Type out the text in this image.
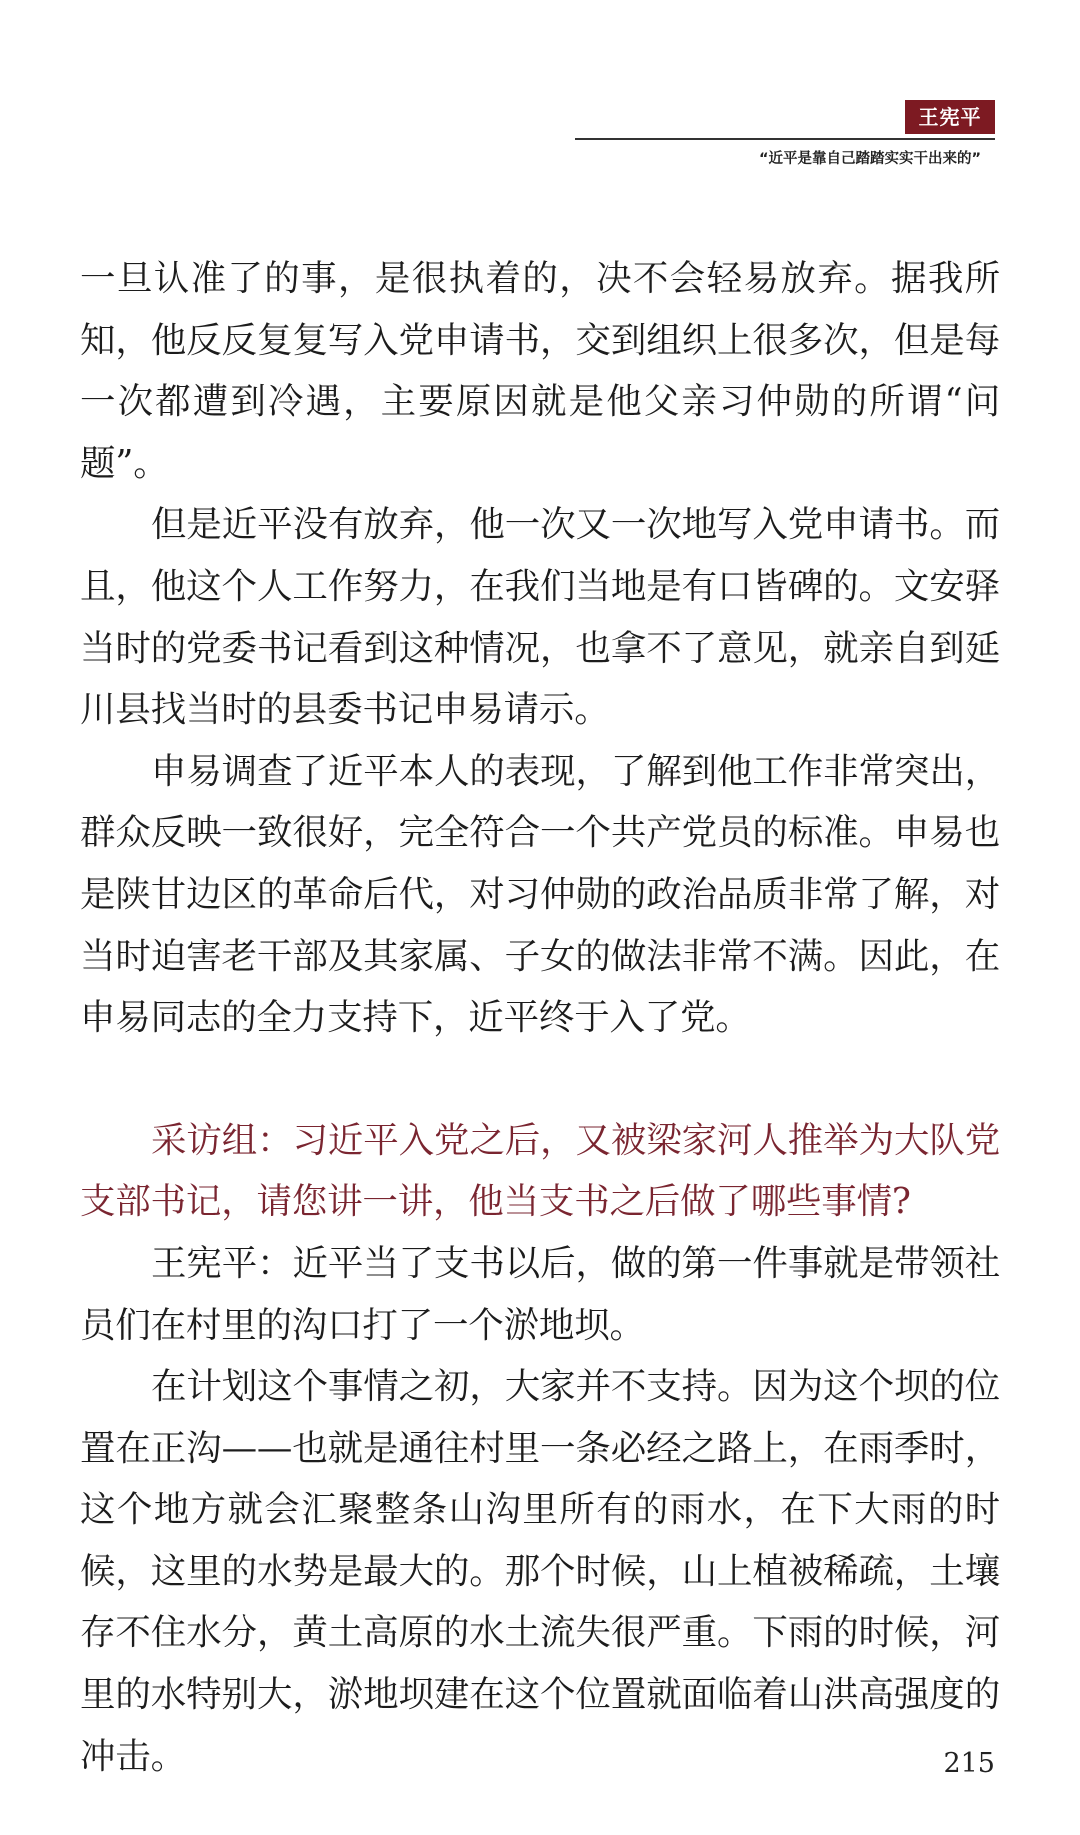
王宪平
“近平是靠自己踏踏实实干出来的”

一旦认准了的事，是很执着的，决不会轻易放弃。据我所知，他反反复复写入党申请书，交到组织上很多次，但是每一次都遭到冷遇，主要原因就是他父亲习仲勋的所谓“问题”。

但是近平没有放弃，他一次又一次地写入党申请书。而且，他这个人工作努力，在我们当地是有口皆碑的。文安驿当时的党委书记看到这种情况，也拿不了意见，就亲自到延川县找当时的县委书记申易请示。

申易调查了近平本人的表现，了解到他工作非常突出，群众反映一致很好，完全符合一个共产党员的标准。申易也是陕甘边区的革命后代，对习仲勋的政治品质非常了解，对当时迫害老干部及其家属、子女的做法非常不满。因此，在申易同志的全力支持下，近平终于入了党。

采访组：习近平入党之后，又被梁家河人推举为大队党支部书记，请您讲一讲，他当支书之后做了哪些事情?

王宪平：近平当了支书以后，做的第一件事就是带领社员们在村里的沟口打了一个淤地坝。

在计划这个事情之初，大家并不支持。因为这个坝的位置在正沟——也就是通往村里一条必经之路上，在雨季时，这个地方就会汇聚整条山沟里所有的雨水，在下大雨的时候，这里的水势是最大的。那个时候，山上植被稀疏，土壤存不住水分，黄土高原的水土流失很严重。下雨的时候，河里的水特别大，淤地坝建在这个位置就面临着山洪高强度的冲击。	215
